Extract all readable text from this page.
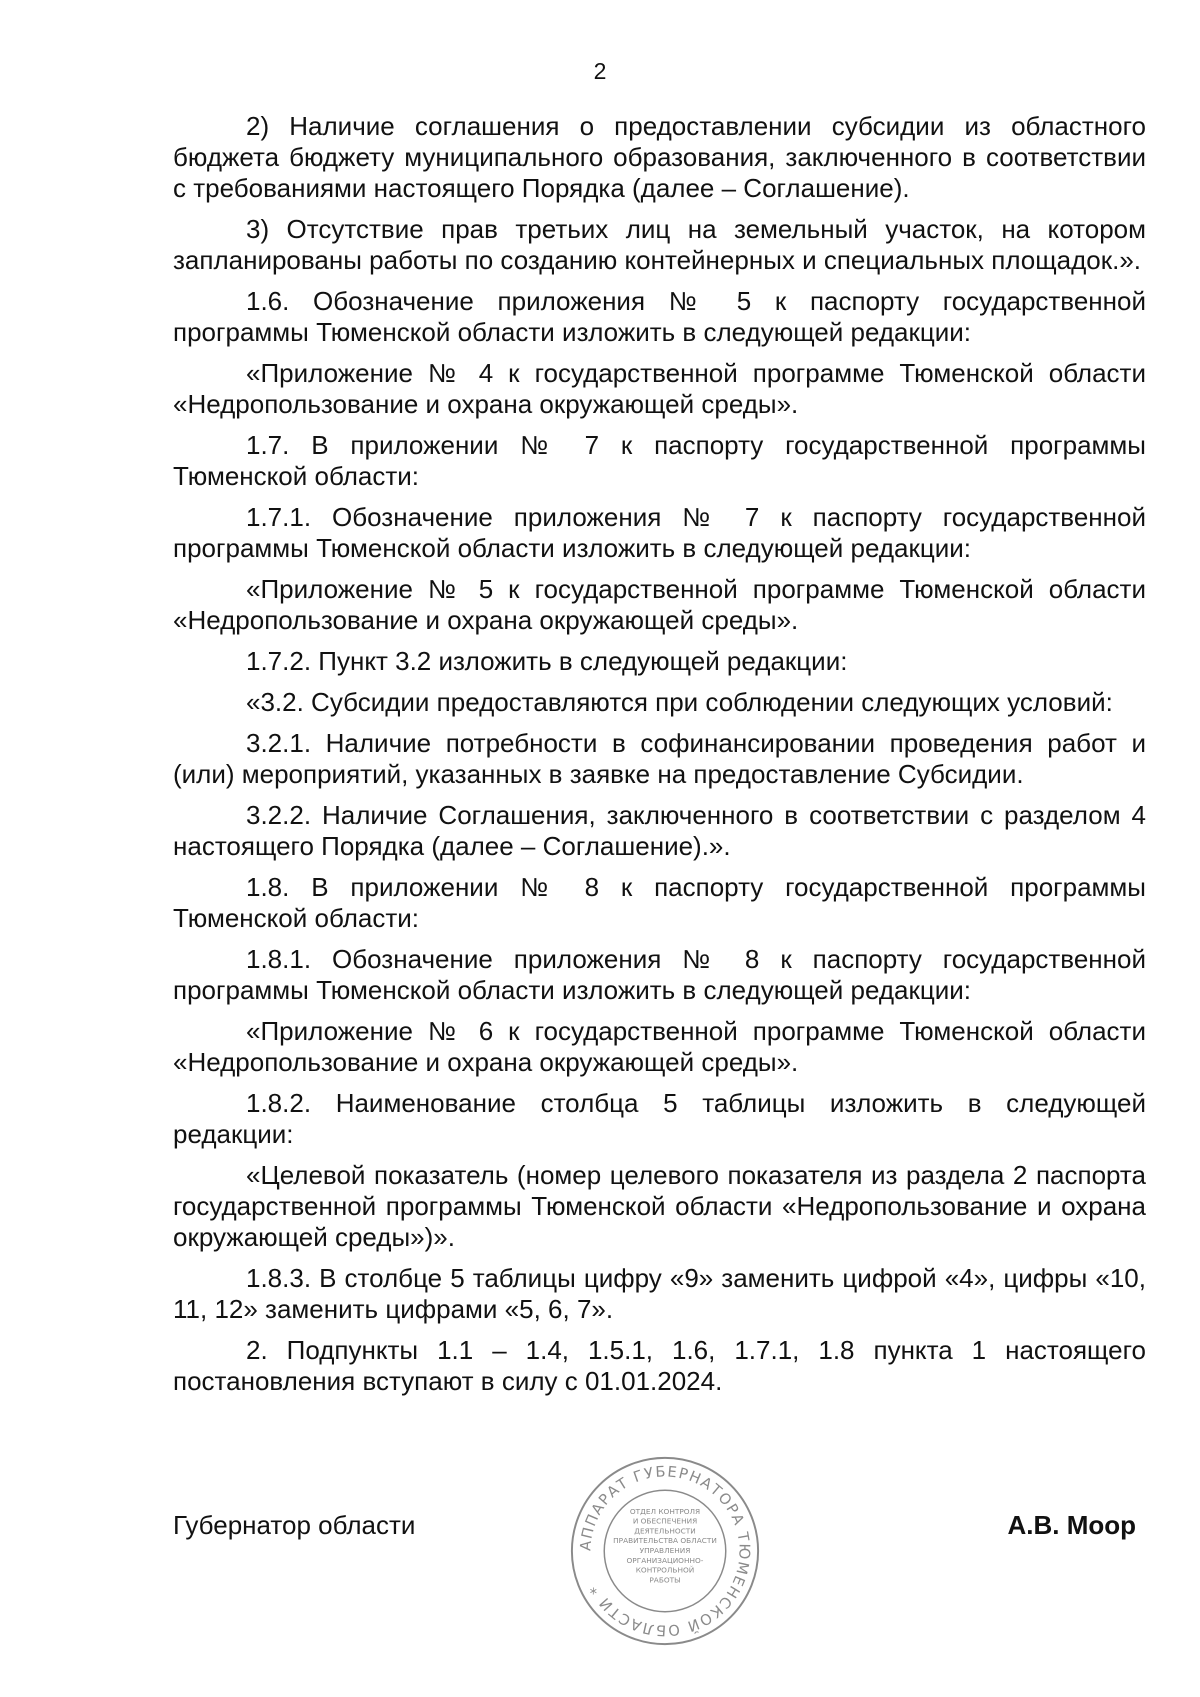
2

2) Наличие соглашения о предоставлении субсидии из областного бюджета бюджету муниципального образования, заключенного в соответствии с требованиями настоящего Порядка (далее – Соглашение).

3) Отсутствие прав третьих лиц на земельный участок, на котором запланированы работы по созданию контейнерных и специальных площадок.».

1.6. Обозначение приложения № 5 к паспорту государственной программы Тюменской области изложить в следующей редакции:

«Приложение № 4 к государственной программе Тюменской области «Недропользование и охрана окружающей среды».

1.7. В приложении № 7 к паспорту государственной программы Тюменской области:

1.7.1. Обозначение приложения № 7 к паспорту государственной программы Тюменской области изложить в следующей редакции:

«Приложение № 5 к государственной программе Тюменской области «Недропользование и охрана окружающей среды».

1.7.2. Пункт 3.2 изложить в следующей редакции:

«3.2. Субсидии предоставляются при соблюдении следующих условий:

3.2.1. Наличие потребности в софинансировании проведения работ и (или) мероприятий, указанных в заявке на предоставление Субсидии.

3.2.2. Наличие Соглашения, заключенного в соответствии с разделом 4 настоящего Порядка (далее – Соглашение).».

1.8. В приложении № 8 к паспорту государственной программы Тюменской области:

1.8.1. Обозначение приложения № 8 к паспорту государственной программы Тюменской области изложить в следующей редакции:

«Приложение № 6 к государственной программе Тюменской области «Недропользование и охрана окружающей среды».

1.8.2. Наименование столбца 5 таблицы изложить в следующей редакции:

«Целевой показатель (номер целевого показателя из раздела 2 паспорта государственной программы Тюменской области «Недропользование и охрана окружающей среды»)».

1.8.3. В столбце 5 таблицы цифру «9» заменить цифрой «4», цифры «10, 11, 12» заменить цифрами «5, 6, 7».

2. Подпункты 1.1 – 1.4, 1.5.1, 1.6, 1.7.1, 1.8 пункта 1 настоящего постановления вступают в силу с 01.01.2024.

Губернатор области	А.В. Моор
АППАРАТ ГУБЕРНАТОРА ТЮМЕНСКОЙ ОБЛАСТИ *
ОТДЕЛ КОНТРОЛЯ
И ОБЕСПЕЧЕНИЯ
ДЕЯТЕЛЬНОСТИ
ПРАВИТЕЛЬСТВА ОБЛАСТИ
УПРАВЛЕНИЯ
ОРГАНИЗАЦИОННО-
КОНТРОЛЬНОЙ
РАБОТЫ
